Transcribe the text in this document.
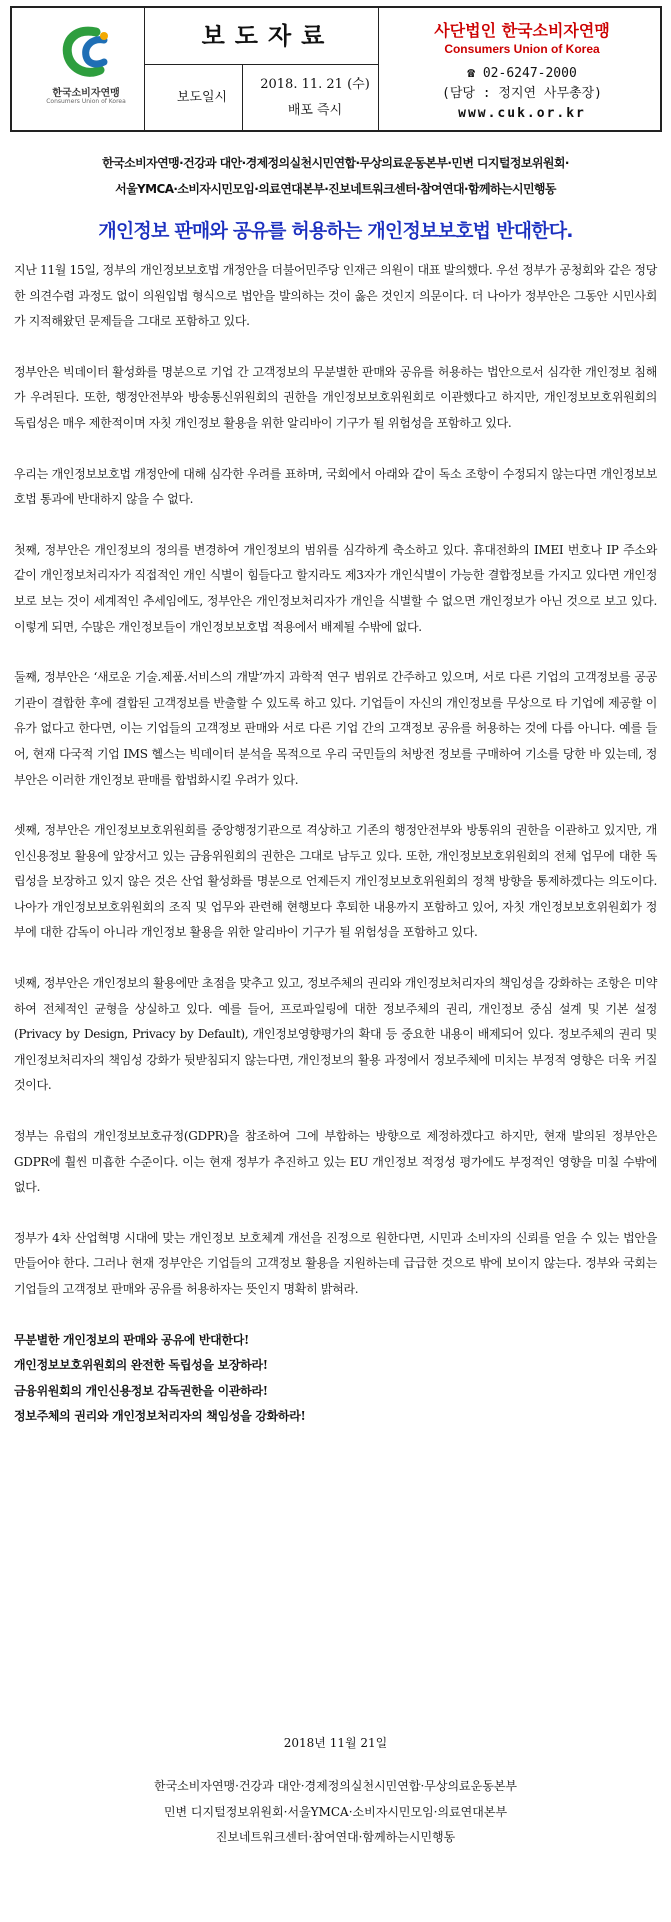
한국소비자연맹
Consumers Union of Korea
보도자료
보도일시
2018. 11. 21 (수)
배포 즉시
사단법인 한국소비자연맹
Consumers Union of Korea
☎ 02-6247-2000
(담당 : 정지연 사무총장)
www.cuk.or.kr
한국소비자연맹·건강과 대안·경제정의실천시민연합·무상의료운동본부·민변 디지털정보위원회·
서울YMCA·소비자시민모임·의료연대본부·진보네트워크센터·참여연대·함께하는시민행동
개인정보 판매와 공유를 허용하는 개인정보보호법 반대한다.

지난 11월 15일, 정부의 개인정보보호법 개정안을 더불어민주당 인재근 의원이 대표 발의했다. 우선 정부가 공청회와 같은 정당한 의견수렴 과정도 없이 의원입법 형식으로 법안을 발의하는 것이 옳은 것인지 의문이다. 더 나아가 정부안은 그동안 시민사회가 지적해왔던 문제들을 그대로 포함하고 있다.

정부안은 빅데이터 활성화를 명분으로 기업 간 고객정보의 무분별한 판매와 공유를 허용하는 법안으로서 심각한 개인정보 침해가 우려된다. 또한, 행정안전부와 방송통신위원회의 권한을 개인정보보호위원회로 이관했다고 하지만, 개인정보보호위원회의 독립성은 매우 제한적이며 자칫 개인정보 활용을 위한 알리바이 기구가 될 위험성을 포함하고 있다.

우리는 개인정보보호법 개정안에 대해 심각한 우려를 표하며, 국회에서 아래와 같이 독소 조항이 수정되지 않는다면 개인정보보호법 통과에 반대하지 않을 수 없다.

첫째, 정부안은 개인정보의 정의를 변경하여 개인정보의 범위를 심각하게 축소하고 있다. 휴대전화의 IMEI 번호나 IP 주소와 같이 개인정보처리자가 직접적인 개인 식별이 힘들다고 할지라도 제3자가 개인식별이 가능한 결합정보를 가지고 있다면 개인정보로 보는 것이 세계적인 추세임에도, 정부안은 개인정보처리자가 개인을 식별할 수 없으면 개인정보가 아닌 것으로 보고 있다. 이렇게 되면, 수많은 개인정보들이 개인정보보호법 적용에서 배제될 수밖에 없다.

둘째, 정부안은 ‘새로운 기술.제품.서비스의 개발’까지 과학적 연구 범위로 간주하고 있으며, 서로 다른 기업의 고객정보를 공공기관이 결합한 후에 결합된 고객정보를 반출할 수 있도록 하고 있다. 기업들이 자신의 개인정보를 무상으로 타 기업에 제공할 이유가 없다고 한다면, 이는 기업들의 고객정보 판매와 서로 다른 기업 간의 고객정보 공유를 허용하는 것에 다름 아니다. 예를 들어, 현재 다국적 기업 IMS 헬스는 빅데이터 분석을 목적으로 우리 국민들의 처방전 정보를 구매하여 기소를 당한 바 있는데, 정부안은 이러한 개인정보 판매를 합법화시킬 우려가 있다.

셋째, 정부안은 개인정보보호위원회를 중앙행정기관으로 격상하고 기존의 행정안전부와 방통위의 권한을 이관하고 있지만, 개인신용정보 활용에 앞장서고 있는 금융위원회의 권한은 그대로 남두고 있다. 또한, 개인정보보호위원회의 전체 업무에 대한 독립성을 보장하고 있지 않은 것은 산업 활성화를 명분으로 언제든지 개인정보보호위원회의 정책 방향을 통제하겠다는 의도이다. 나아가 개인정보보호위원회의 조직 및 업무와 관련해 현행보다 후퇴한 내용까지 포함하고 있어, 자칫 개인정보보호위원회가 정부에 대한 감독이 아니라 개인정보 활용을 위한 알리바이 기구가 될 위험성을 포함하고 있다.

넷째, 정부안은 개인정보의 활용에만 초점을 맞추고 있고, 정보주체의 권리와 개인정보처리자의 책임성을 강화하는 조항은 미약하여 전체적인 균형을 상실하고 있다. 예를 들어, 프로파일링에 대한 정보주체의 권리, 개인정보 중심 설계 및 기본 설정(Privacy by Design, Privacy by Default), 개인정보영향평가의 확대 등 중요한 내용이 배제되어 있다. 정보주체의 권리 및 개인정보처리자의 책임성 강화가 뒷받침되지 않는다면, 개인정보의 활용 과정에서 정보주체에 미치는 부정적 영향은 더욱 커질 것이다.

정부는 유럽의 개인정보보호규정(GDPR)을 참조하여 그에 부합하는 방향으로 제정하겠다고 하지만, 현재 발의된 정부안은 GDPR에 훨씬 미흡한 수준이다. 이는 현재 정부가 추진하고 있는 EU 개인정보 적정성 평가에도 부정적인 영향을 미칠 수밖에 없다.

정부가 4차 산업혁명 시대에 맞는 개인정보 보호체계 개선을 진정으로 원한다면, 시민과 소비자의 신뢰를 얻을 수 있는 법안을 만들어야 한다. 그러나 현재 정부안은 기업들의 고객정보 활용을 지원하는데 급급한 것으로 밖에 보이지 않는다. 정부와 국회는 기업들의 고객정보 판매와 공유를 허용하자는 뜻인지 명확히 밝혀라.

무분별한 개인정보의 판매와 공유에 반대한다!
개인정보보호위원회의 완전한 독립성을 보장하라!
금융위원회의 개인신용정보 감독권한을 이관하라!
정보주체의 권리와 개인정보처리자의 책임성을 강화하라!
2018년 11월 21일
한국소비자연맹·건강과 대안·경제정의실천시민연합·무상의료운동본부
민변 디지털정보위원회·서울YMCA·소비자시민모임·의료연대본부
진보네트워크센터·참여연대·함께하는시민행동
